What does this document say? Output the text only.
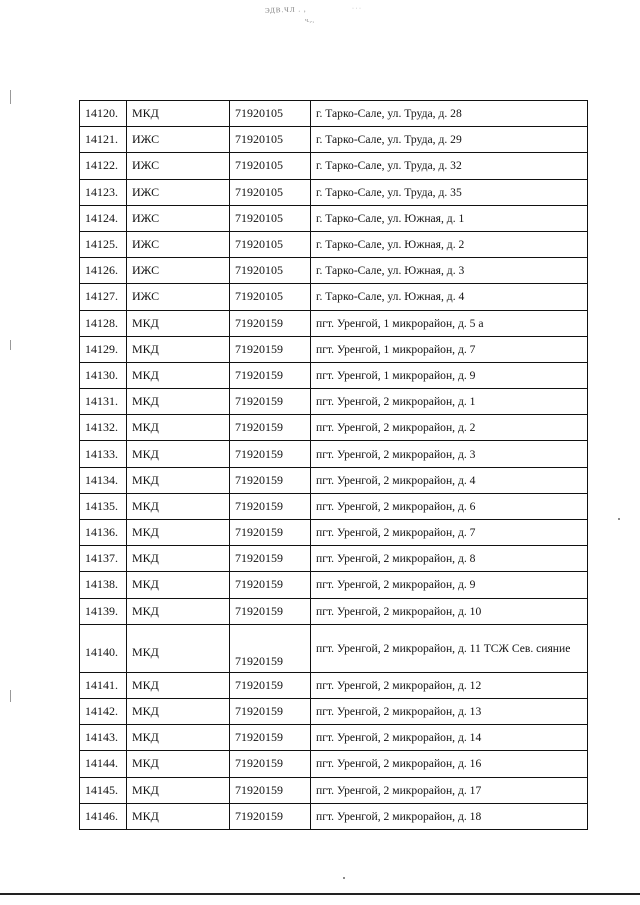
ЭДВ.ЧЛ . ,
ч.,.,
· · ·
14120.	МКД	71920105	г. Тарко-Сале, ул. Труда, д. 28
14121.	ИЖС	71920105	г. Тарко-Сале, ул. Труда, д. 29
14122.	ИЖС	71920105	г. Тарко-Сале, ул. Труда, д. 32
14123.	ИЖС	71920105	г. Тарко-Сале, ул. Труда, д. 35
14124.	ИЖС	71920105	г. Тарко-Сале, ул. Южная, д. 1
14125.	ИЖС	71920105	г. Тарко-Сале, ул. Южная, д. 2
14126.	ИЖС	71920105	г. Тарко-Сале, ул. Южная, д. 3
14127.	ИЖС	71920105	г. Тарко-Сале, ул. Южная, д. 4
14128.	МКД	71920159	пгт. Уренгой, 1 микрорайон, д. 5 а
14129.	МКД	71920159	пгт. Уренгой, 1 микрорайон, д. 7
14130.	МКД	71920159	пгт. Уренгой, 1 микрорайон, д. 9
14131.	МКД	71920159	пгт. Уренгой, 2 микрорайон, д. 1
14132.	МКД	71920159	пгт. Уренгой, 2 микрорайон, д. 2
14133.	МКД	71920159	пгт. Уренгой, 2 микрорайон, д. 3
14134.	МКД	71920159	пгт. Уренгой, 2 микрорайон, д. 4
14135.	МКД	71920159	пгт. Уренгой, 2 микрорайон, д. 6
14136.	МКД	71920159	пгт. Уренгой, 2 микрорайон, д. 7
14137.	МКД	71920159	пгт. Уренгой, 2 микрорайон, д. 8
14138.	МКД	71920159	пгт. Уренгой, 2 микрорайон, д. 9
14139.	МКД	71920159	пгт. Уренгой, 2 микрорайон, д. 10
14140.	МКД	71920159	пгт. Уренгой, 2 микрорайон, д. 11 ТСЖ Сев. сияние
14141.	МКД	71920159	пгт. Уренгой, 2 микрорайон, д. 12
14142.	МКД	71920159	пгт. Уренгой, 2 микрорайон, д. 13
14143.	МКД	71920159	пгт. Уренгой, 2 микрорайон, д. 14
14144.	МКД	71920159	пгт. Уренгой, 2 микрорайон, д. 16
14145.	МКД	71920159	пгт. Уренгой, 2 микрорайон, д. 17
14146.	МКД	71920159	пгт. Уренгой, 2 микрорайон, д. 18
